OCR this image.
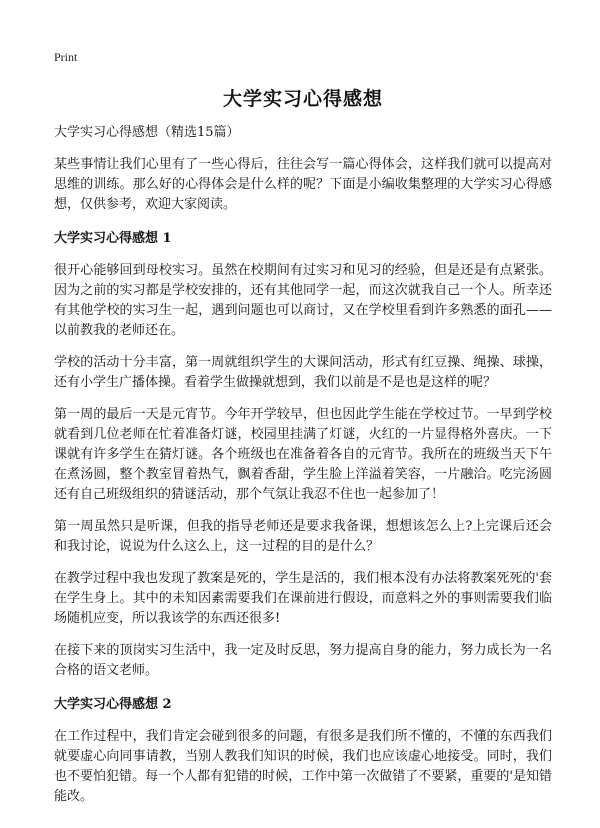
Print
大学实习心得感想
大学实习心得感想（精选15篇）

某些事情让我们心里有了一些心得后，往往会写一篇心得体会，这样我们就可以提高对思维的训练。那么好的心得体会是什么样的呢？下面是小编收集整理的大学实习心得感想，仅供参考，欢迎大家阅读。

大学实习心得感想 1

很开心能够回到母校实习。虽然在校期间有过实习和见习的经验，但是还是有点紧张。因为之前的实习都是学校安排的，还有其他同学一起，而这次就我自己一个人。所幸还有其他学校的实习生一起，遇到问题也可以商讨，又在学校里看到许多熟悉的面孔——以前教我的老师还在。

学校的活动十分丰富，第一周就组织学生的大课间活动，形式有红豆操、绳操、球操，还有小学生广播体操。看着学生做操就想到，我们以前是不是也是这样的呢？

第一周的最后一天是元宵节。今年开学较早，但也因此学生能在学校过节。一早到学校就看到几位老师在忙着准备灯谜，校园里挂满了灯谜，火红的一片显得格外喜庆。一下课就有许多学生在猜灯谜。各个班级也在准备着各自的元宵节。我所在的班级当天下午在煮汤圆，整个教室冒着热气，飘着香甜，学生脸上洋溢着笑容，一片融洽。吃完汤圆还有自己班级组织的猜谜活动，那个气氛让我忍不住也一起参加了！

第一周虽然只是听课，但我的指导老师还是要求我备课，想想该怎么上?上完课后还会和我讨论，说说为什么这么上，这一过程的目的是什么？

在教学过程中我也发现了教案是死的，学生是活的，我们根本没有办法将教案死死的'套在学生身上。其中的未知因素需要我们在课前进行假设，而意料之外的事则需要我们临场随机应变，所以我该学的东西还很多!

在接下来的顶岗实习生活中，我一定及时反思，努力提高自身的能力，努力成长为一名合格的语文老师。

大学实习心得感想 2

在工作过程中，我们肯定会碰到很多的问题，有很多是我们所不懂的，不懂的东西我们就要虚心向同事请教，当别人教我们知识的时候，我们也应该虚心地接受。同时，我们也不要怕犯错。每一个人都有犯错的时候，工作中第一次做错了不要紧，重要的'是知错能改。
